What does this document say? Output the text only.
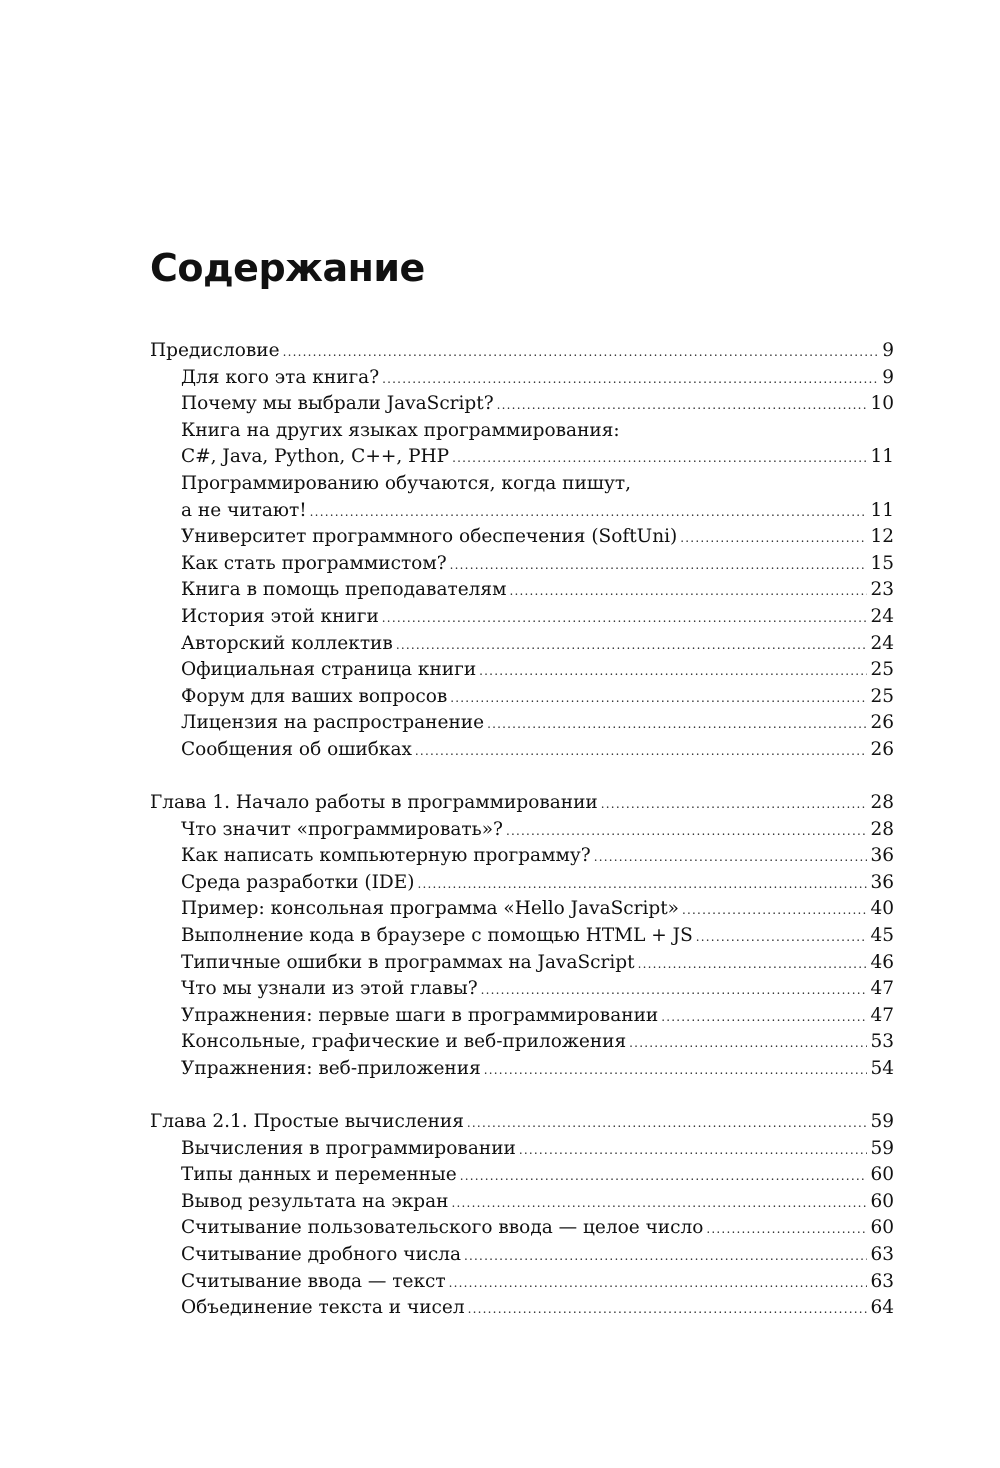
Содержание
Предисловие .....	9
Для кого эта книга? .....	9
Почему мы выбрали JavaScript? .....	10
Книга на других языках программирования:
C#, Java, Python, C++, PHP .....	11
Программированию обучаются, когда пишут,
а не читают! .....	11
Университет программного обеспечения (SoftUni) .....	12
Как стать программистом? .....	15
Книга в помощь преподавателям .....	23
История этой книги .....	24
Авторский коллектив .....	24
Официальная страница книги .....	25
Форум для ваших вопросов .....	25
Лицензия на распространение .....	26
Сообщения об ошибках .....	26
Глава 1. Начало работы в программировании .....	28
Что значит «программировать»? .....	28
Как написать компьютерную программу? .....	36
Среда разработки (IDE) .....	36
Пример: консольная программа «Hello JavaScript» .....	40
Выполнение кода в браузере с помощью HTML + JS .....	45
Типичные ошибки в программах на JavaScript .....	46
Что мы узнали из этой главы? .....	47
Упражнения: первые шаги в программировании .....	47
Консольные, графические и веб-приложения .....	53
Упражнения: веб-приложения .....	54
Глава 2.1. Простые вычисления .....	59
Вычисления в программировании .....	59
Типы данных и переменные .....	60
Вывод результата на экран .....	60
Считывание пользовательского ввода — целое число .....	60
Считывание дробного числа .....	63
Считывание ввода — текст .....	63
Объединение текста и чисел .....	64
